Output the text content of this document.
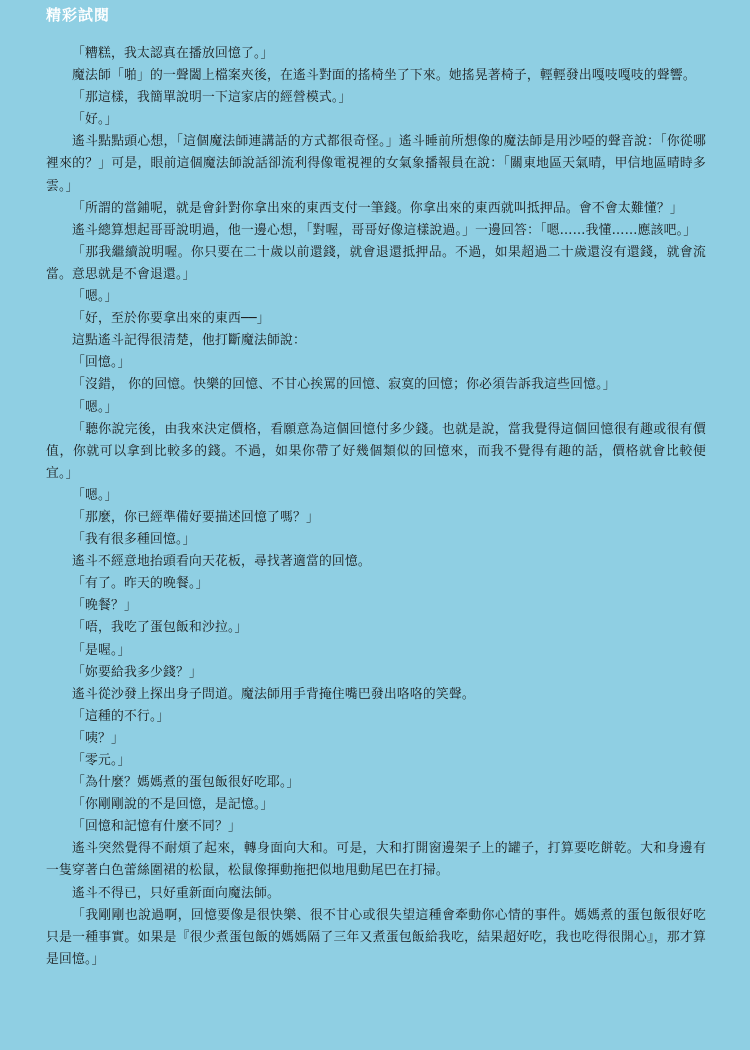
精彩試閱

「糟糕，我太認真在播放回憶了。」

魔法師「啪」的一聲闔上檔案夾後，在遙斗對面的搖椅坐了下來。她搖晃著椅子，輕輕發出嘎吱嘎吱的聲響。

「那這樣，我簡單說明一下這家店的經營模式。」

「好。」

遙斗點點頭心想，「這個魔法師連講話的方式都很奇怪。」遙斗睡前所想像的魔法師是用沙啞的聲音說：「你從哪裡來的？」可是，眼前這個魔法師說話卻流利得像電視裡的女氣象播報員在說：「關東地區天氣晴，甲信地區晴時多雲。」

「所謂的當鋪呢，就是會針對你拿出來的東西支付一筆錢。你拿出來的東西就叫抵押品。會不會太難懂？」

遙斗總算想起哥哥說明過，他一邊心想，「對喔，哥哥好像這樣說過。」一邊回答：「嗯……我懂……應該吧。」

「那我繼續說明喔。你只要在二十歲以前還錢，就會退還抵押品。不過，如果超過二十歲還沒有還錢，就會流當。意思就是不會退還。」

「嗯。」

「好，至於你要拿出來的東西──」

這點遙斗記得很清楚，他打斷魔法師說：

「回憶。」

「沒錯， 你的回憶。快樂的回憶、不甘心挨罵的回憶、寂寞的回憶；你必須告訴我這些回憶。」

「嗯。」

「聽你說完後，由我來決定價格，看願意為這個回憶付多少錢。也就是說，當我覺得這個回憶很有趣或很有價值，你就可以拿到比較多的錢。不過，如果你帶了好幾個類似的回憶來，而我不覺得有趣的話，價格就會比較便宜。」

「嗯。」

「那麼，你已經準備好要描述回憶了嗎？」

「我有很多種回憶。」

遙斗不經意地抬頭看向天花板，尋找著適當的回憶。

「有了。昨天的晚餐。」

「晚餐？」

「唔，我吃了蛋包飯和沙拉。」

「是喔。」

「妳要給我多少錢？」

遙斗從沙發上探出身子問道。魔法師用手背掩住嘴巴發出咯咯的笑聲。

「這種的不行。」

「咦？」

「零元。」

「為什麼？媽媽煮的蛋包飯很好吃耶。」

「你剛剛說的不是回憶，是記憶。」

「回憶和記憶有什麼不同？」

遙斗突然覺得不耐煩了起來，轉身面向大和。可是，大和打開窗邊架子上的罐子，打算要吃餅乾。大和身邊有一隻穿著白色蕾絲圍裙的松鼠，松鼠像揮動拖把似地甩動尾巴在打掃。

遙斗不得已，只好重新面向魔法師。

「我剛剛也說過啊，回憶要像是很快樂、很不甘心或很失望這種會牽動你心情的事件。媽媽煮的蛋包飯很好吃只是一種事實。如果是『很少煮蛋包飯的媽媽隔了三年又煮蛋包飯給我吃，結果超好吃，我也吃得很開心』，那才算是回憶。」
